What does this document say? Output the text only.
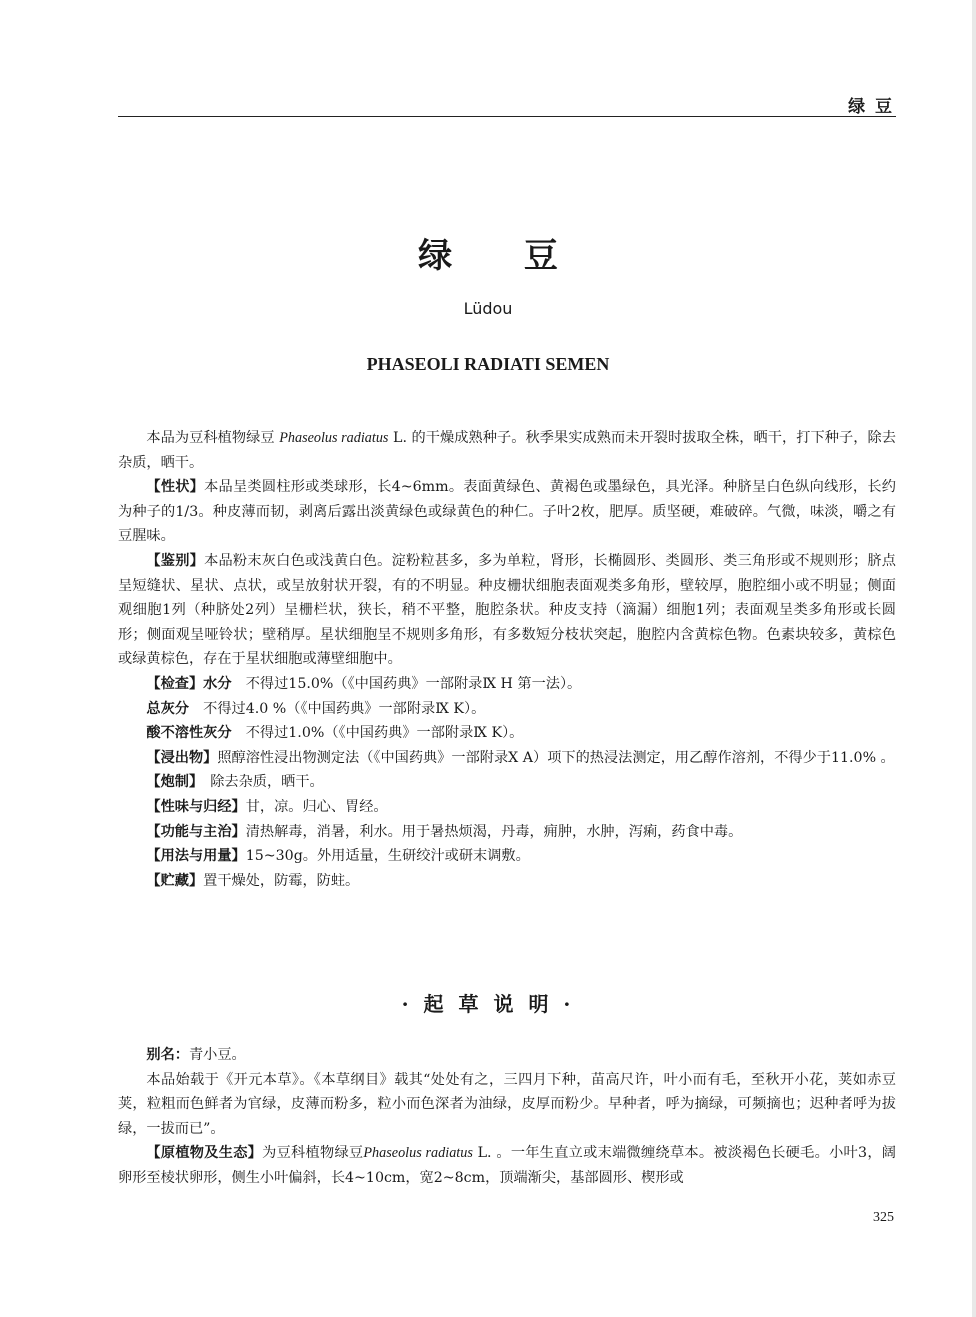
绿 豆
绿 豆
Lüdou
PHASEOLI RADIATI SEMEN

本品为豆科植物绿豆 Phaseolus radiatus L. 的干燥成熟种子。秋季果实成熟而未开裂时拔取全株，晒干，打下种子，除去杂质，晒干。

【性状】本品呈类圆柱形或类球形，长4~6mm。表面黄绿色、黄褐色或墨绿色，具光泽。种脐呈白色纵向线形，长约为种子的1/3。种皮薄而韧，剥离后露出淡黄绿色或绿黄色的种仁。子叶2枚，肥厚。质坚硬，难破碎。气微，味淡，嚼之有豆腥味。

【鉴别】本品粉末灰白色或浅黄白色。淀粉粒甚多，多为单粒，肾形，长椭圆形、类圆形、类三角形或不规则形；脐点呈短缝状、星状、点状，或呈放射状开裂，有的不明显。种皮栅状细胞表面观类多角形，壁较厚，胞腔细小或不明显；侧面观细胞1列（种脐处2列）呈栅栏状，狭长，稍不平整，胞腔条状。种皮支持（滴漏）细胞1列；表面观呈类多角形或长圆形；侧面观呈哑铃状；壁稍厚。星状细胞呈不规则多角形，有多数短分枝状突起，胞腔内含黄棕色物。色素块较多，黄棕色或绿黄棕色，存在于星状细胞或薄壁细胞中。

【检查】水分　不得过15.0%（《中国药典》一部附录Ⅸ H 第一法）。

总灰分　不得过4.0 %（《中国药典》一部附录Ⅸ K）。

酸不溶性灰分　不得过1.0%（《中国药典》一部附录Ⅸ K）。

【浸出物】照醇溶性浸出物测定法（《中国药典》一部附录Ⅹ A）项下的热浸法测定，用乙醇作溶剂，不得少于11.0% 。

【炮制】　除去杂质，晒干。

【性味与归经】甘，凉。归心、胃经。

【功能与主治】清热解毒，消暑，利水。用于暑热烦渴，丹毒，痈肿，水肿，泻痢，药食中毒。

【用法与用量】15~30g。外用适量，生研绞汁或研末调敷。

【贮藏】置干燥处，防霉，防蛀。

· 起 草 说 明 ·

别名：青小豆。

本品始载于《开元本草》。《本草纲目》载其“处处有之，三四月下种，苗高尺许，叶小而有毛，至秋开小花，荚如赤豆荚，粒粗而色鲜者为官绿，皮薄而粉多，粒小而色深者为油绿，皮厚而粉少。早种者，呼为摘绿，可频摘也；迟种者呼为拔绿，一拔而已”。

【原植物及生态】为豆科植物绿豆Phaseolus radiatus L. 。一年生直立或末端微缠绕草本。被淡褐色长硬毛。小叶3，阔卵形至棱状卵形，侧生小叶偏斜，长4~10cm，宽2~8cm，顶端渐尖，基部圆形、楔形或

325
